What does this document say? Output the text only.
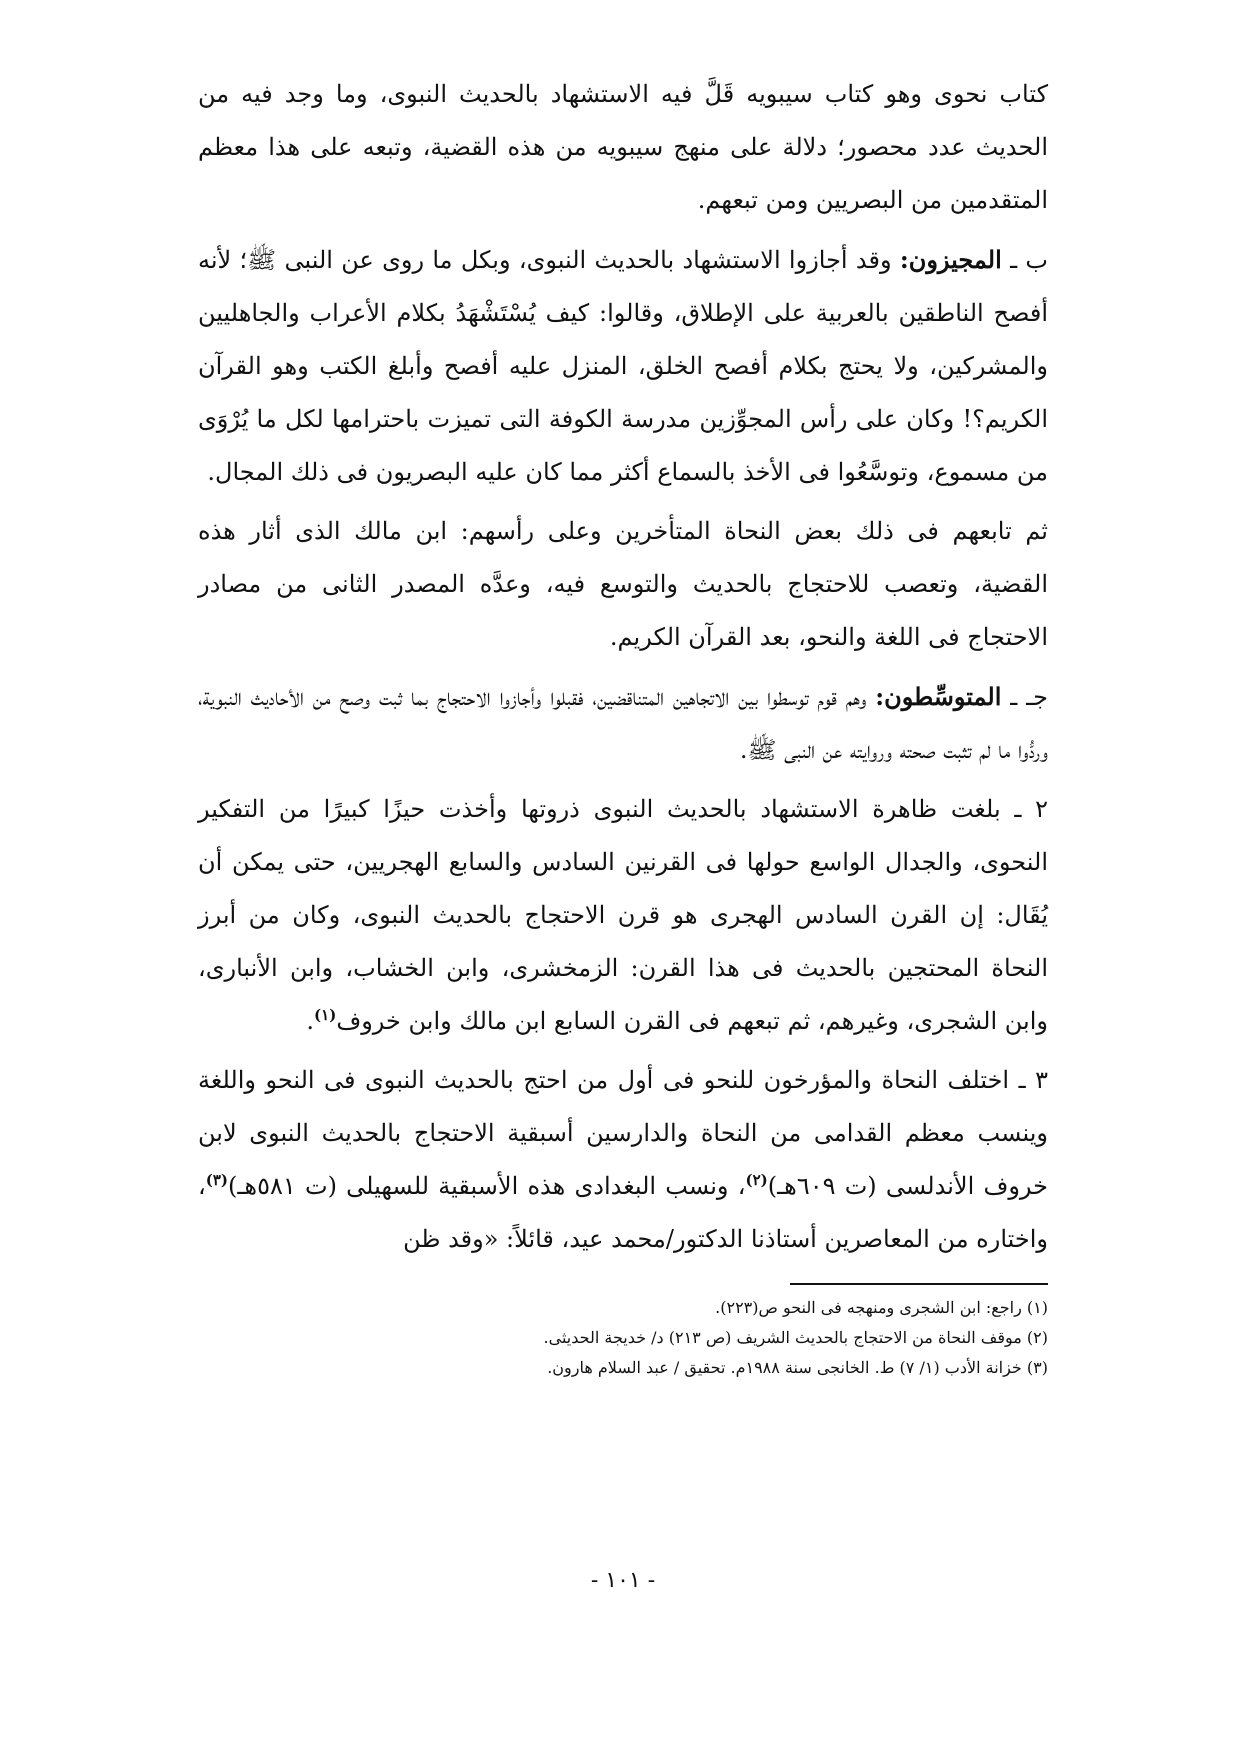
كتاب نحوى وهو كتاب سيبويه قَلَّ فيه الاستشهاد بالحديث النبوى، وما وجد فيه من الحديث عدد محصور؛ دلالة على منهج سيبويه من هذه القضية، وتبعه على هذا معظم المتقدمين من البصريين ومن تبعهم.

ب ـ المجيزون: وقد أجازوا الاستشهاد بالحديث النبوى، وبكل ما روى عن النبى ﷺ؛ لأنه أفصح الناطقين بالعربية على الإطلاق، وقالوا: كيف يُسْتَشْهَدُ بكلام الأعراب والجاهليين والمشركين، ولا يحتج بكلام أفصح الخلق، المنزل عليه أفصح وأبلغ الكتب وهو القرآن الكريم؟! وكان على رأس المجوِّزين مدرسة الكوفة التى تميزت باحترامها لكل ما يُرْوَى من مسموع، وتوسَّعُوا فى الأخذ بالسماع أكثر مما كان عليه البصريون فى ذلك المجال.

ثم تابعهم فى ذلك بعض النحاة المتأخرين وعلى رأسهم: ابن مالك الذى أثار هذه القضية، وتعصب للاحتجاج بالحديث والتوسع فيه، وعدَّه المصدر الثانى من مصادر الاحتجاج فى اللغة والنحو، بعد القرآن الكريم.

جـ ـ المتوسِّطون: وهم قوم توسطوا بين الاتجاهين المتناقضين، فقبلوا وأجازوا الاحتجاج بما ثبت وصح من الأحاديث النبوية، وردُّوا ما لم تثبت صحته وروايته عن النبى ﷺ.

٢ ـ بلغت ظاهرة الاستشهاد بالحديث النبوى ذروتها وأخذت حيزًا كبيرًا من التفكير النحوى، والجدال الواسع حولها فى القرنين السادس والسابع الهجريين، حتى يمكن أن يُقَال: إن القرن السادس الهجرى هو قرن الاحتجاج بالحديث النبوى، وكان من أبرز النحاة المحتجين بالحديث فى هذا القرن: الزمخشرى، وابن الخشاب، وابن الأنبارى، وابن الشجرى، وغيرهم، ثم تبعهم فى القرن السابع ابن مالك وابن خروف$^{(١)}$.

٣ ـ اختلف النحاة والمؤرخون للنحو فى أول من احتج بالحديث النبوى فى النحو واللغة وينسب معظم القدامى من النحاة والدارسين أسبقية الاحتجاج بالحديث النبوى لابن خروف الأندلسى (ت ٦٠٩هـ)$^{(٢)}$، ونسب البغدادى هذه الأسبقية للسهيلى (ت ٥٨١هـ)$^{(٣)}$، واختاره من المعاصرين أستاذنا الدكتور/محمد عيد، قائلاً: «وقد ظن

(١) راجع: ابن الشجرى ومنهجه فى النحو ص(٢٢٣).

(٢) موقف النحاة من الاحتجاج بالحديث الشريف (ص ٢١٣) د/ خديجة الحديثى.

(٣) خزانة الأدب (١/ ٧) ط. الخانجى سنة ١٩٨٨م. تحقيق / عبد السلام هارون.

- ١٠١ -
